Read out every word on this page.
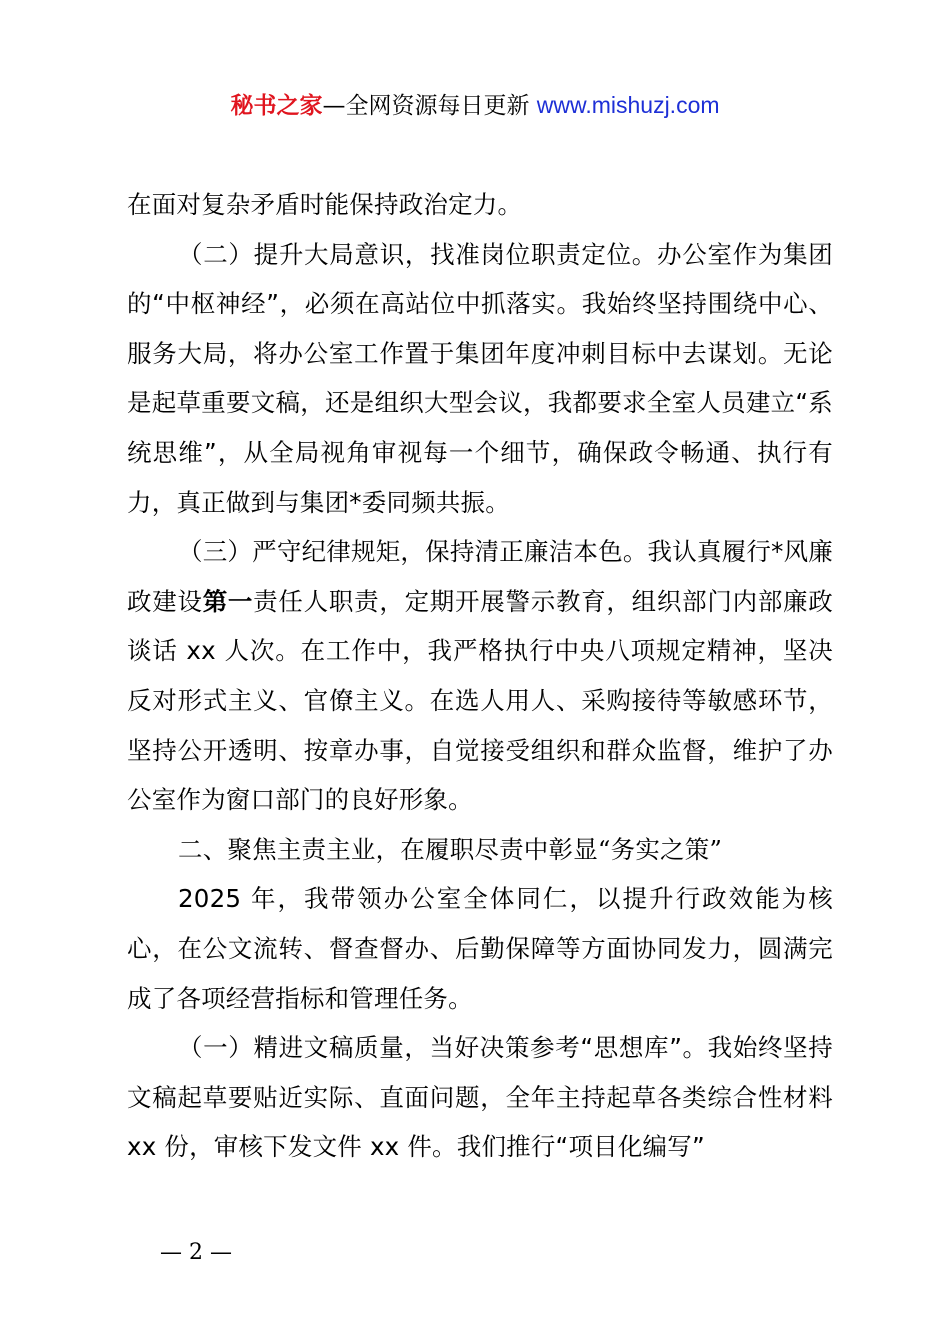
秘书之家—全网资源每日更新 www.mishuzj.com

在面对复杂矛盾时能保持政治定力。

（二）提升大局意识，找准岗位职责定位。办公室作为集团的“中枢神经”，必须在高站位中抓落实。我始终坚持围绕中心、服务大局，将办公室工作置于集团年度冲刺目标中去谋划。无论是起草重要文稿，还是组织大型会议，我都要求全室人员建立“系统思维”，从全局视角审视每一个细节，确保政令畅通、执行有力，真正做到与集团*委同频共振。

（三）严守纪律规矩，保持清正廉洁本色。我认真履行*风廉政建设第一责任人职责，定期开展警示教育，组织部门内部廉政谈话 xx 人次。在工作中，我严格执行中央八项规定精神，坚决反对形式主义、官僚主义。在选人用人、采购接待等敏感环节，坚持公开透明、按章办事，自觉接受组织和群众监督，维护了办公室作为窗口部门的良好形象。

二、聚焦主责主业，在履职尽责中彰显“务实之策”

2025 年，我带领办公室全体同仁，以提升行政效能为核心，在公文流转、督查督办、后勤保障等方面协同发力，圆满完成了各项经营指标和管理任务。

（一）精进文稿质量，当好决策参考“思想库”。我始终坚持文稿起草要贴近实际、直面问题，全年主持起草各类综合性材料 xx 份，审核下发文件 xx 件。我们推行“项目化编写”

— 2 —
